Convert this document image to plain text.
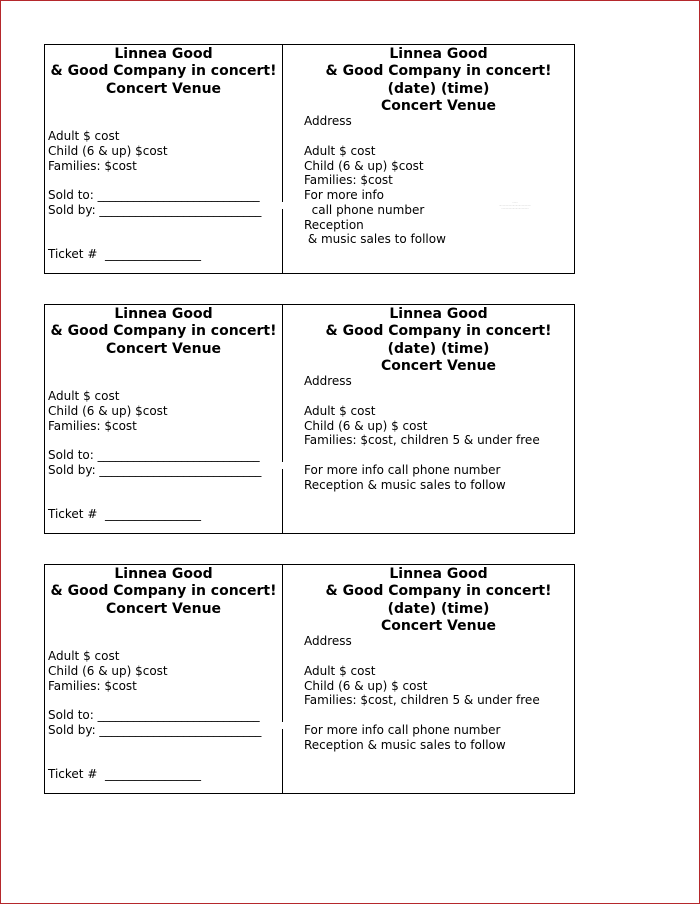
Linnea Good
& Good Company in concert!
Concert Venue
Adult $ cost
Child (6 & up) $cost
Families: $cost
Sold to: ___________________________
Sold by: ___________________________
Ticket #  ________________
Linnea Good
& Good Company in concert!
(date) (time)
Concert Venue
Address
Adult $ cost
Child (6 & up) $cost
Families: $cost
For more info
call phone number
Reception
& music sales to follow
·······
··········································
····································
Linnea Good
& Good Company in concert!
Concert Venue
Adult $ cost
Child (6 & up) $cost
Families: $cost
Sold to: ___________________________
Sold by: ___________________________
Ticket #  ________________
Linnea Good
& Good Company in concert!
(date) (time)
Concert Venue
Address
Adult $ cost
Child (6 & up) $ cost
Families: $cost, children 5 & under free
For more info call phone number
Reception & music sales to follow
Linnea Good
& Good Company in concert!
Concert Venue
Adult $ cost
Child (6 & up) $cost
Families: $cost
Sold to: ___________________________
Sold by: ___________________________
Ticket #  ________________
Linnea Good
& Good Company in concert!
(date) (time)
Concert Venue
Address
Adult $ cost
Child (6 & up) $ cost
Families: $cost, children 5 & under free
For more info call phone number
Reception & music sales to follow
